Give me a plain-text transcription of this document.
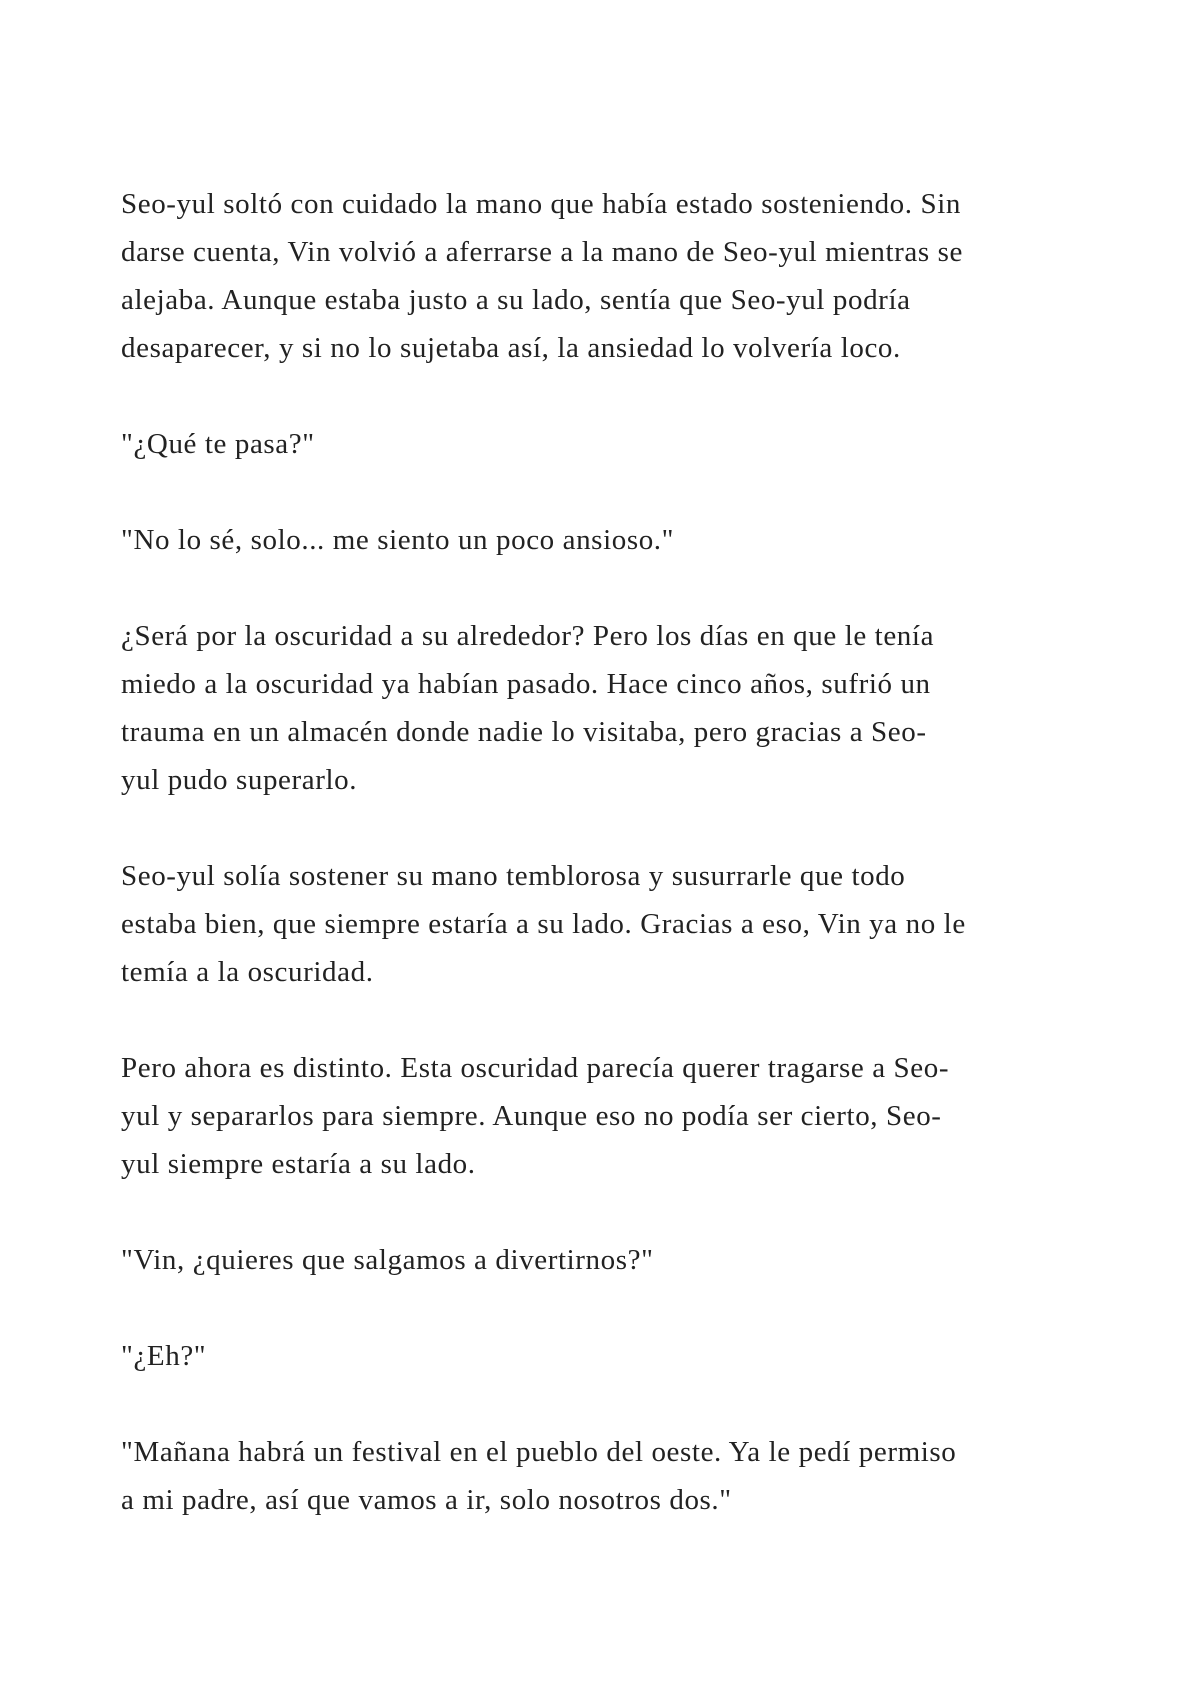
Seo-yul soltó con cuidado la mano que había estado sosteniendo. Sin
darse cuenta, Vin volvió a aferrarse a la mano de Seo-yul mientras se
alejaba. Aunque estaba justo a su lado, sentía que Seo-yul podría
desaparecer, y si no lo sujetaba así, la ansiedad lo volvería loco.

"¿Qué te pasa?"

"No lo sé, solo... me siento un poco ansioso."

¿Será por la oscuridad a su alrededor? Pero los días en que le tenía
miedo a la oscuridad ya habían pasado. Hace cinco años, sufrió un
trauma en un almacén donde nadie lo visitaba, pero gracias a Seo-
yul pudo superarlo.

Seo-yul solía sostener su mano temblorosa y susurrarle que todo
estaba bien, que siempre estaría a su lado. Gracias a eso, Vin ya no le
temía a la oscuridad.

Pero ahora es distinto. Esta oscuridad parecía querer tragarse a Seo-
yul y separarlos para siempre. Aunque eso no podía ser cierto, Seo-
yul siempre estaría a su lado.

"Vin, ¿quieres que salgamos a divertirnos?"

"¿Eh?"

"Mañana habrá un festival en el pueblo del oeste. Ya le pedí permiso
a mi padre, así que vamos a ir, solo nosotros dos."
